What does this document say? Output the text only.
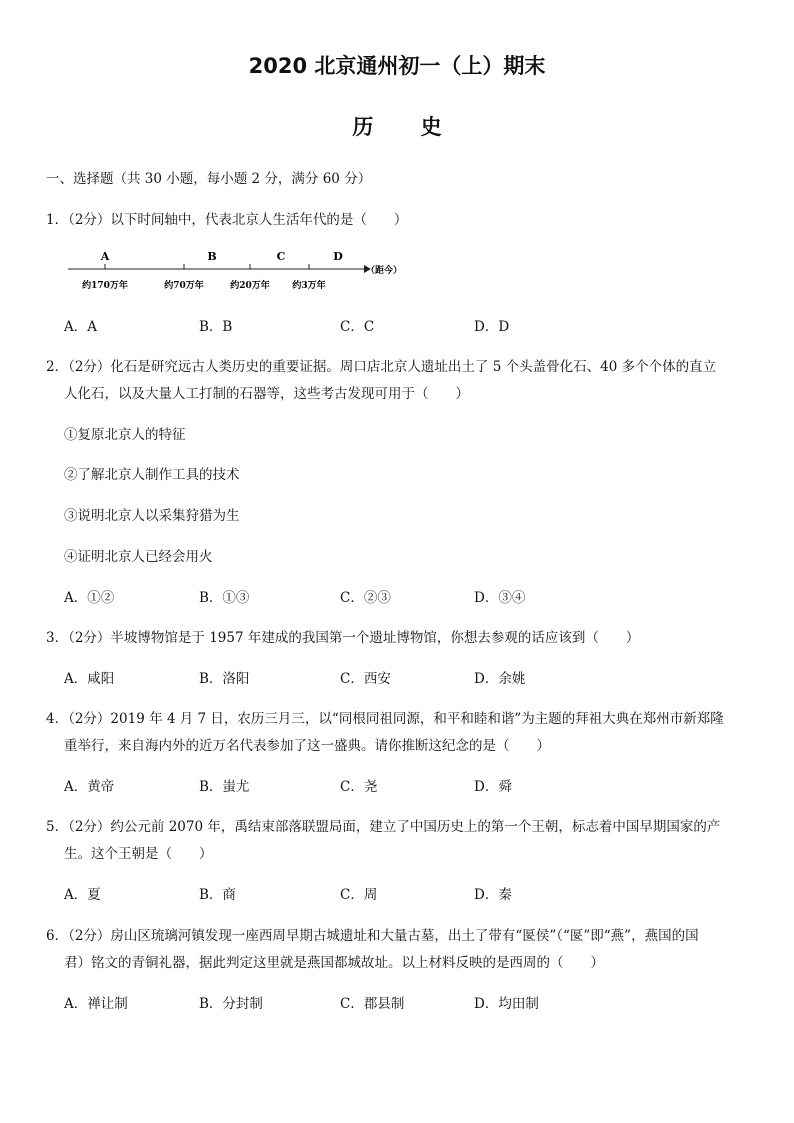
2020 北京通州初一（上）期末
历 史
一、选择题（共 30 小题，每小题 2 分，满分 60 分）
1．（2分）以下时间轴中，代表北京人生活年代的是（　　）
A	B	C	D
约170万年	约70万年	约20万年	约3万年
（距今）
A．A	B．B	C．C	D．D
2．（2分）化石是研究远古人类历史的重要证据。周口店北京人遗址出土了 5 个头盖骨化石、40 多个个体的直立
人化石，以及大量人工打制的石器等，这些考古发现可用于（　　）
①复原北京人的特征
②了解北京人制作工具的技术
③说明北京人以采集狩猎为生
④证明北京人已经会用火
A．①②	B．①③	C．②③	D．③④
3．（2分）半坡博物馆是于 1957 年建成的我国第一个遗址博物馆，你想去参观的话应该到（　　）
A．咸阳	B．洛阳	C．西安	D．余姚
4．（2分）2019 年 4 月 7 日，农历三月三，以“同根同祖同源，和平和睦和谐”为主题的拜祖大典在郑州市新郑隆
重举行，来自海内外的近万名代表参加了这一盛典。请你推断这纪念的是（　　）
A．黄帝	B．蚩尤	C．尧	D．舜
5．（2分）约公元前 2070 年，禹结束部落联盟局面，建立了中国历史上的第一个王朝，标志着中国早期国家的产
生。这个王朝是（　　）
A．夏	B．商	C．周	D．秦
6．（2分）房山区琉璃河镇发现一座西周早期古城遗址和大量古墓，出土了带有“匽侯”（“匽”即“燕”，燕国的国
君）铭文的青铜礼器，据此判定这里就是燕国都城故址。以上材料反映的是西周的（　　）
A．禅让制	B．分封制	C．郡县制	D．均田制
